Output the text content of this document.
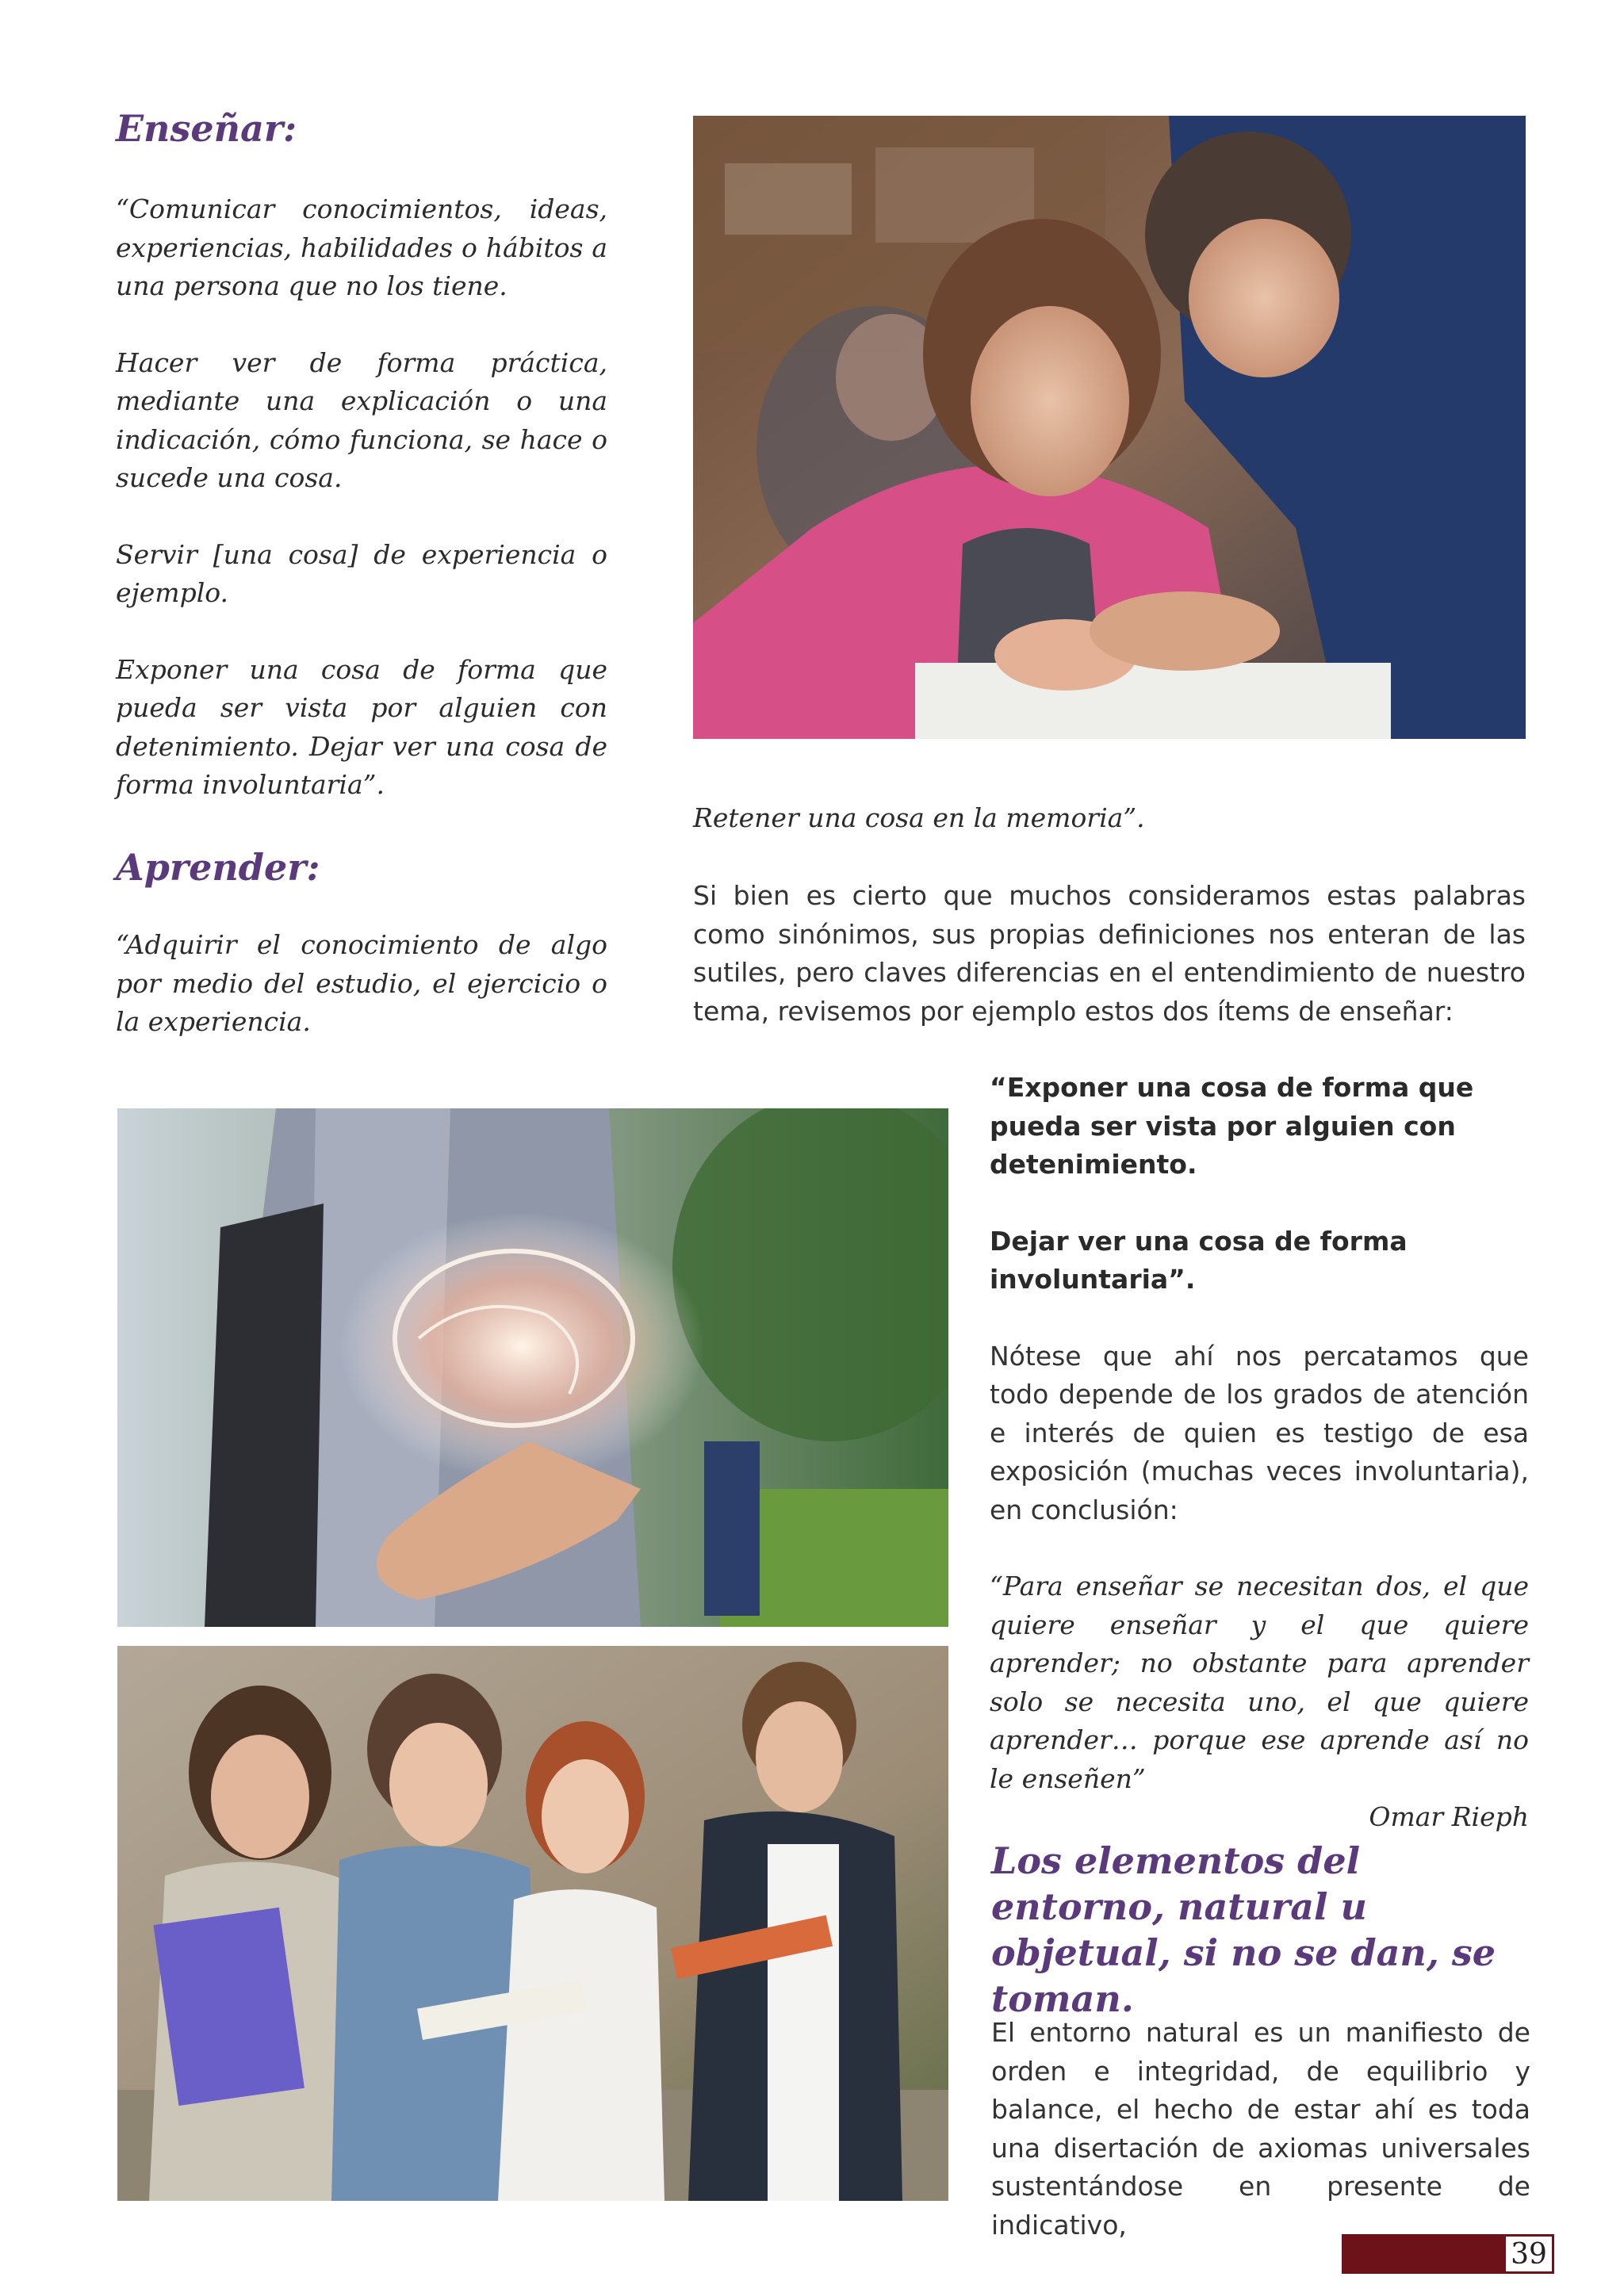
Enseñar:

“Comunicar conocimientos, ideas, experiencias, habilidades o hábitos a una persona que no los tiene.

Hacer ver de forma práctica, mediante una explicación o una indicación, cómo funciona, se hace o sucede una cosa.

Servir [una cosa] de experiencia o ejemplo.

Exponer una cosa de forma que pueda ser vista por alguien con detenimiento. Dejar ver una cosa de forma involuntaria”.

Aprender:

“Adquirir el conocimiento de algo por medio del estudio, el ejercicio o la experiencia.

Retener una cosa en la memoria”.

Si bien es cierto que muchos consideramos estas palabras como sinónimos, sus propias definiciones nos enteran de las sutiles, pero claves diferencias en el entendimiento de nuestro tema, revisemos por ejemplo estos dos ítems de enseñar:

“Exponer una cosa de forma que pueda ser vista por alguien con detenimiento.

Dejar ver una cosa de forma involuntaria”.

Nótese que ahí nos percatamos que todo depende de los grados de atención e interés de quien es testigo de esa exposición (muchas veces involuntaria), en conclusión:

“Para enseñar se necesitan dos, el que quiere enseñar y el que quiere aprender; no obstante para aprender solo se necesita uno, el que quiere aprender… porque ese aprende así no le enseñen”

Omar Rieph

Los elementos del entorno, natural u objetual, si no se dan, se toman.

El entorno natural es un manifiesto de orden e integridad, de equilibrio y balance, el hecho de estar ahí es toda una disertación de axiomas universales sustentándose en presente de indicativo,

39
